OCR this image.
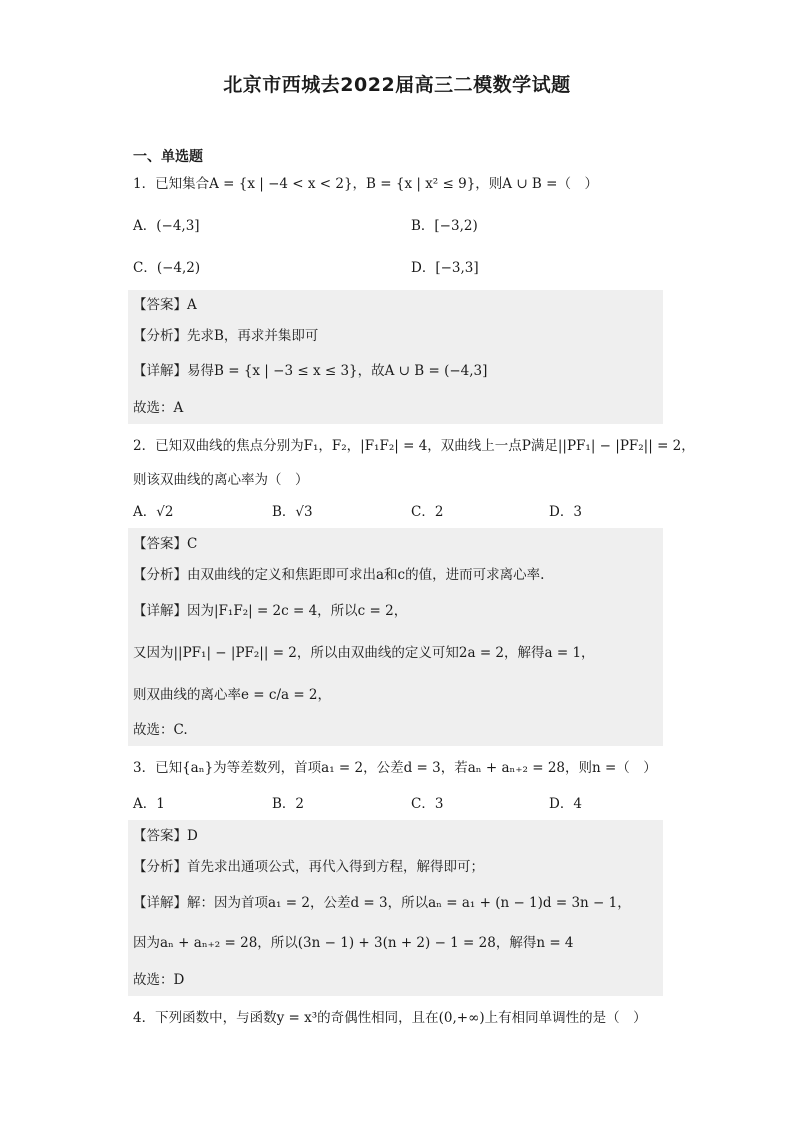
北京市西城去2022届高三二模数学试题
一、单选题
1．已知集合A = {x | −4 < x < 2}，B = {x | x² ≤ 9}，则A ∪ B =（　）
A．(−4,3]	B．[−3,2)
C．(−4,2)	D．[−3,3]
【答案】A
【分析】先求B，再求并集即可
【详解】易得B = {x | −3 ≤ x ≤ 3}，故A ∪ B = (−4,3]
故选：A
2．已知双曲线的焦点分别为F₁，F₂，|F₁F₂| = 4，双曲线上一点P满足||PF₁| − |PF₂|| = 2，
则该双曲线的离心率为（　）
A．√2	B．√3	C．2	D．3
【答案】C
【分析】由双曲线的定义和焦距即可求出a和c的值，进而可求离心率.
【详解】因为|F₁F₂| = 2c = 4，所以c = 2，
又因为||PF₁| − |PF₂|| = 2，所以由双曲线的定义可知2a = 2，解得a = 1，
则双曲线的离心率e = c/a = 2，
故选：C.
3．已知{aₙ}为等差数列，首项a₁ = 2，公差d = 3，若aₙ + aₙ₊₂ = 28，则n =（　）
A．1	B．2	C．3	D．4
【答案】D
【分析】首先求出通项公式，再代入得到方程，解得即可；
【详解】解：因为首项a₁ = 2，公差d = 3，所以aₙ = a₁ + (n − 1)d = 3n − 1，
因为aₙ + aₙ₊₂ = 28，所以(3n − 1) + 3(n + 2) − 1 = 28，解得n = 4
故选：D
4．下列函数中，与函数y = x³的奇偶性相同，且在(0,+∞)上有相同单调性的是（　）
